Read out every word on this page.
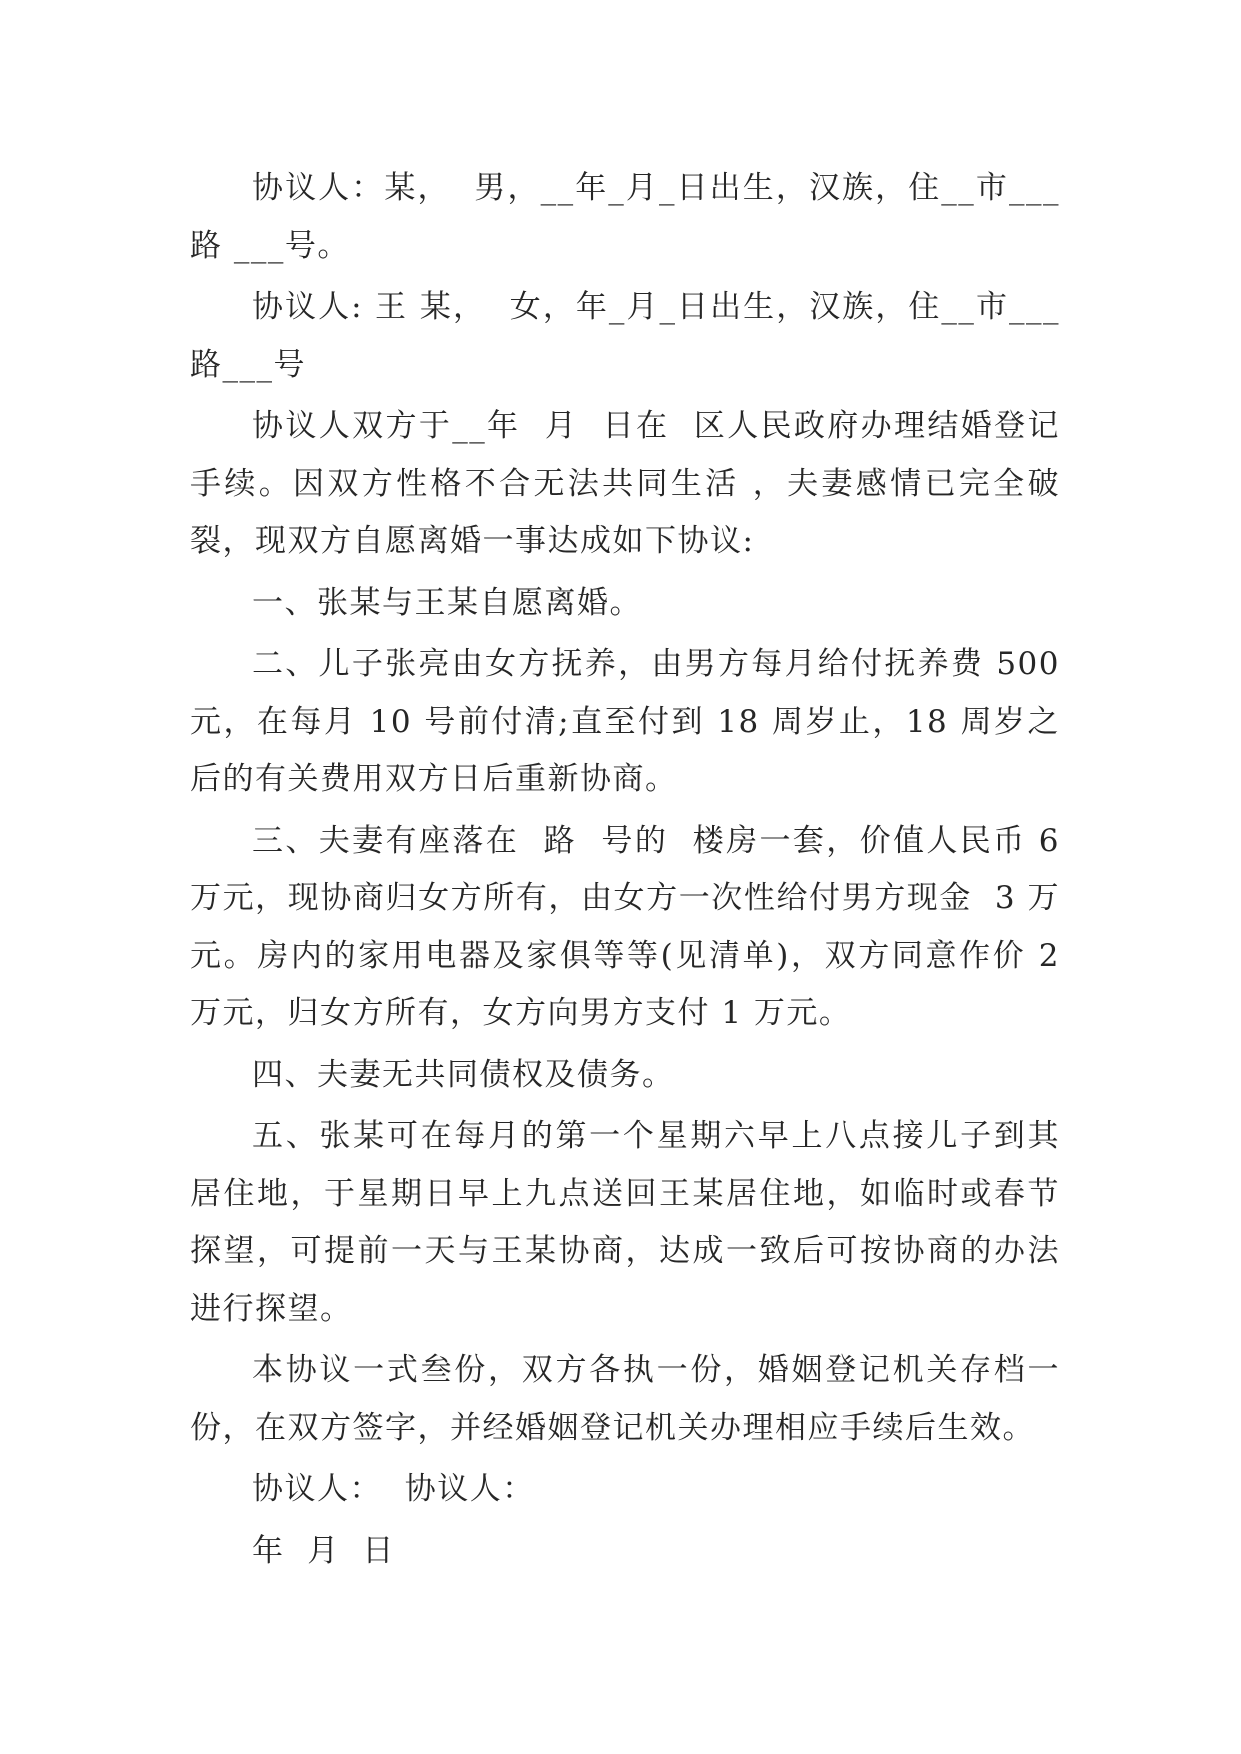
协议人：某，  男，__年_月_日出生，汉族，住__市___路 ___号。

协议人: 王 某，  女，年_月_日出生，汉族，住__市___路___号

协议人双方于__年  月  日在  区人民政府办理结婚登记手续。因双方性格不合无法共同生活 ，夫妻感情已完全破裂，现双方自愿离婚一事达成如下协议:

一、张某与王某自愿离婚。

二、儿子张亮由女方抚养，由男方每月给付抚养费 500元，在每月 10 号前付清;直至付到 18 周岁止，18 周岁之后的有关费用双方日后重新协商。

三、夫妻有座落在  路  号的  楼房一套，价值人民币 6万元，现协商归女方所有，由女方一次性给付男方现金  3 万元。房内的家用电器及家俱等等(见清单)，双方同意作价 2万元，归女方所有，女方向男方支付 1 万元。

四、夫妻无共同债权及债务。

五、张某可在每月的第一个星期六早上八点接儿子到其居住地，于星期日早上九点送回王某居住地，如临时或春节探望，可提前一天与王某协商，达成一致后可按协商的办法进行探望。

本协议一式叁份，双方各执一份，婚姻登记机关存档一份，在双方签字，并经婚姻登记机关办理相应手续后生效。

协议人：  协议人：

年  月  日
